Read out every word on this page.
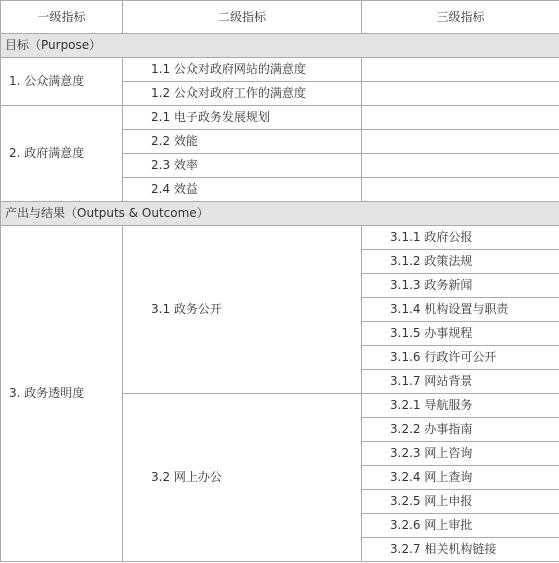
一级指标	二级指标	三级指标
目标（Purpose）		
1. 公众满意度	1.1 公众对政府网站的满意度	
	1.2 公众对政府工作的满意度	
2. 政府满意度	2.1 电子政务发展规划	
	2.2 效能	
	2.3 效率	
	2.4 效益	
产出与结果（Outputs & Outcome）		
3. 政务透明度	3.1 政务公开	3.1.1 政府公报
		3.1.2 政策法规
		3.1.3 政务新闻
		3.1.4 机构设置与职责
		3.1.5 办事规程
		3.1.6 行政许可公开
		3.1.7 网站背景
	3.2 网上办公	3.2.1 导航服务
		3.2.2 办事指南
		3.2.3 网上咨询
		3.2.4 网上查询
		3.2.5 网上申报
		3.2.6 网上审批
		3.2.7 相关机构链接
